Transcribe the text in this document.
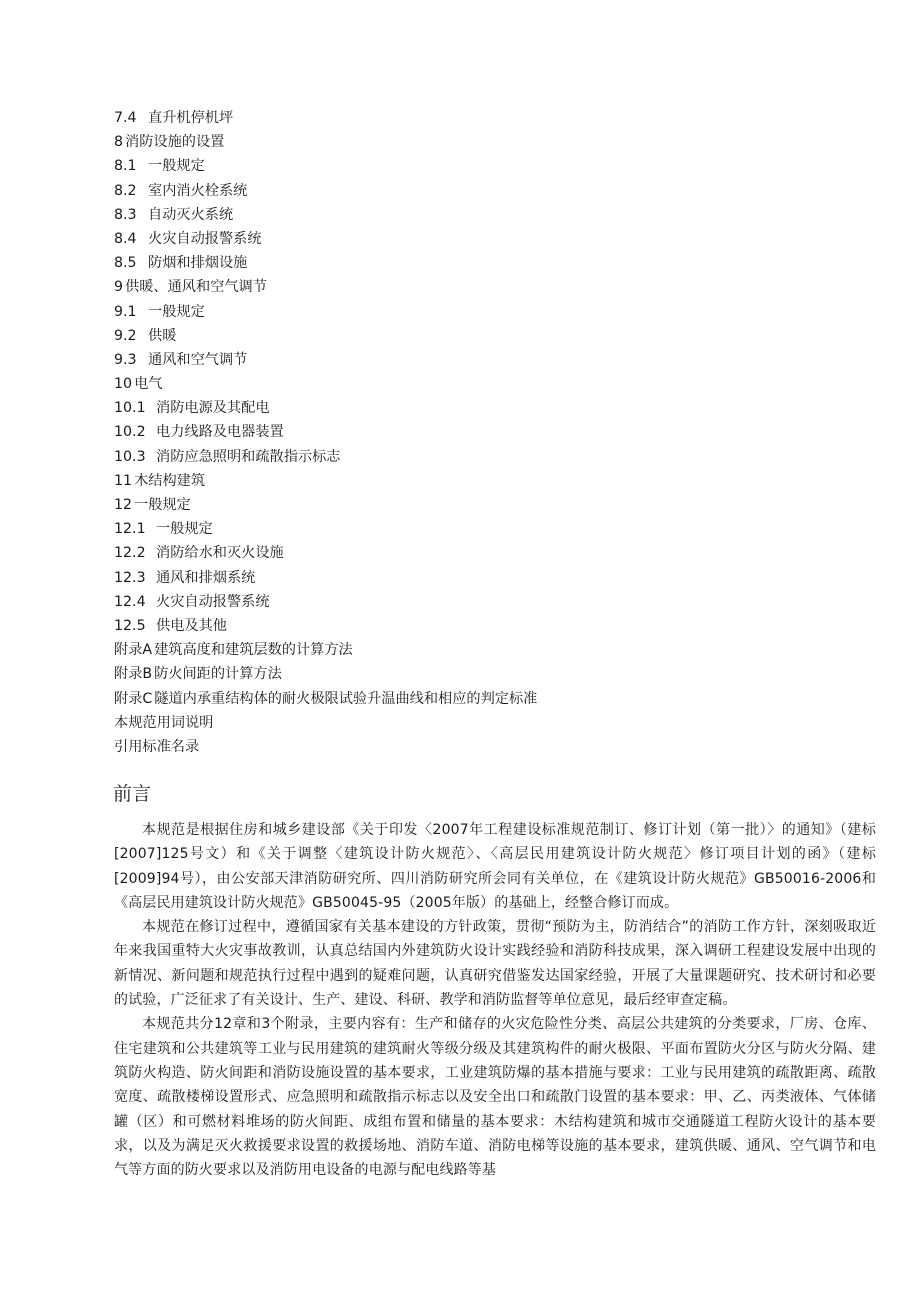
7.4 直升机停机坪
8 消防设施的设置
8.1 一般规定
8.2 室内消火栓系统
8.3 自动灭火系统
8.4 火灾自动报警系统
8.5 防烟和排烟设施
9 供暖、通风和空气调节
9.1 一般规定
9.2 供暖
9.3 通风和空气调节
10 电气
10.1 消防电源及其配电
10.2 电力线路及电器装置
10.3 消防应急照明和疏散指示标志
11 木结构建筑
12 一般规定
12.1 一般规定
12.2 消防给水和灭火设施
12.3 通风和排烟系统
12.4 火灾自动报警系统
12.5 供电及其他
附录A 建筑高度和建筑层数的计算方法
附录B 防火间距的计算方法
附录C 隧道内承重结构体的耐火极限试验升温曲线和相应的判定标准
本规范用词说明
引用标准名录
前言

本规范是根据住房和城乡建设部《关于印发〈2007年工程建设标准规范制订、修订计划（第一批）〉的通知》（建标[2007]125号文）和《关于调整〈建筑设计防火规范〉、〈高层民用建筑设计防火规范〉修订项目计划的函》（建标[2009]94号），由公安部天津消防研究所、四川消防研究所会同有关单位，在《建筑设计防火规范》GB50016-2006和《高层民用建筑设计防火规范》GB50045-95（2005年版）的基础上，经整合修订而成。

本规范在修订过程中，遵循国家有关基本建设的方针政策，贯彻“预防为主，防消结合”的消防工作方针，深刻吸取近年来我国重特大火灾事故教训，认真总结国内外建筑防火设计实践经验和消防科技成果，深入调研工程建设发展中出现的新情况、新问题和规范执行过程中遇到的疑难问题，认真研究借鉴发达国家经验，开展了大量课题研究、技术研讨和必要的试验，广泛征求了有关设计、生产、建设、科研、教学和消防监督等单位意见，最后经审查定稿。

本规范共分12章和3个附录，主要内容有：生产和储存的火灾危险性分类、高层公共建筑的分类要求，厂房、仓库、住宅建筑和公共建筑等工业与民用建筑的建筑耐火等级分级及其建筑构件的耐火极限、平面布置防火分区与防火分隔、建筑防火构造、防火间距和消防设施设置的基本要求，工业建筑防爆的基本措施与要求：工业与民用建筑的疏散距离、疏散宽度、疏散楼梯设置形式、应急照明和疏散指示标志以及安全出口和疏散门设置的基本要求：甲、乙、丙类液体、气体储罐（区）和可燃材料堆场的防火间距、成组布置和储量的基本要求：木结构建筑和城市交通隧道工程防火设计的基本要求，以及为满足灭火救援要求设置的救援场地、消防车道、消防电梯等设施的基本要求，建筑供暖、通风、空气调节和电气等方面的防火要求以及消防用电设备的电源与配电线路等基
